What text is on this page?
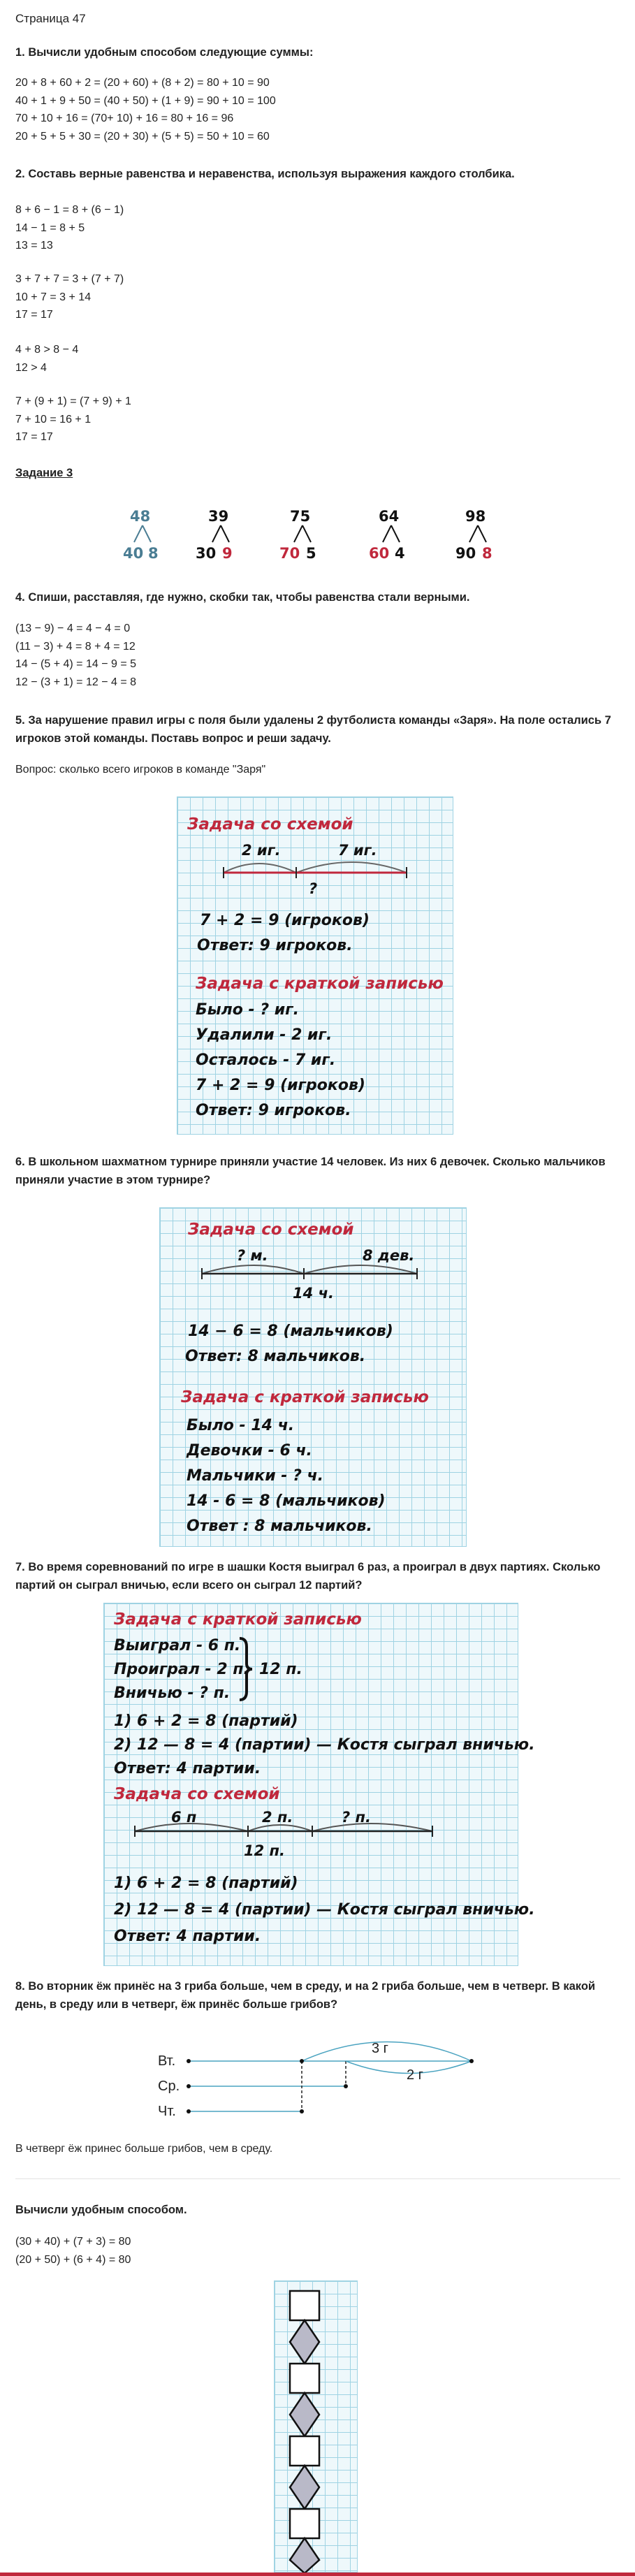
Страница 47
1. Вычисли удобным способом следующие суммы:
20 + 8 + 60 + 2 = (20 + 60) + (8 + 2) = 80 + 10 = 90
40 + 1 + 9 + 50 = (40 + 50) + (1 + 9) = 90 + 10 = 100
70 + 10 + 16 = (70+ 10) + 16 = 80 + 16 = 96
20 + 5 + 5 + 30 = (20 + 30) + (5 + 5) = 50 + 10 = 60
2. Составь верные равенства и неравенства, используя выражения каждого столбика.
8 + 6 − 1 = 8 + (6 − 1)
14 − 1 = 8 + 5
13 = 13
3 + 7 + 7 = 3 + (7 + 7)
10 + 7 = 3 + 14
17 = 17
4 + 8 > 8 − 4
12 > 4
7 + (9 + 1) = (7 + 9) + 1
7 + 10 = 16 + 1
17 = 17
Задание 3
48
40 8
39
30 9
75
70 5
64
60 4
98
90 8
4. Спиши, расставляя, где нужно, скобки так, чтобы равенства стали верными.
(13 − 9) − 4 = 4 − 4 = 0
(11 − 3) + 4 = 8 + 4 = 12
14 − (5 + 4) = 14 − 9 = 5
12 − (3 + 1) = 12 − 4 = 8
5. За нарушение правил игры с поля были удалены 2 футболиста команды «Заря». На поле остались 7 игроков этой команды. Поставь вопрос и реши задачу.
Вопрос: сколько всего игроков в команде "Заря"
Задача со схемой
2 иг.	7 иг.
?
7 + 2 = 9 (игроков)
Ответ: 9 игроков.
Задача с краткой записью
Было - ? иг.
Удалили - 2 иг.
Осталось - 7 иг.
7 + 2 = 9 (игроков)
Ответ: 9 игроков.
6. В школьном шахматном турнире приняли участие 14 человек. Из них 6 девочек. Сколько мальчиков приняли участие в этом турнире?
Задача со схемой
? м.	8 дев.
14 ч.
14 − 6 = 8 (мальчиков)
Ответ: 8 мальчиков.
Задача с краткой записью
Было - 14 ч.
Девочки - 6 ч.
Мальчики - ? ч.
14 - 6 = 8 (мальчиков)
Ответ : 8 мальчиков.
7. Во время соревнований по игре в шашки Костя выиграл 6 раз, а проиграл в двух партиях. Сколько партий он сыграл вничью, если всего он сыграл 12 партий?
Задача с краткой записью
Выиграл - 6 п.
Проиграл - 2 п.
Вничью - ? п.
12 п.
1) 6 + 2 = 8 (партий)
2) 12 — 8 = 4 (партии) — Костя сыграл вничью.
Ответ: 4 партии.
Задача со схемой
6 п	2 п.	? п.
12 п.
1) 6 + 2 = 8 (партий)
2) 12 — 8 = 4 (партии) — Костя сыграл вничью.
Ответ: 4 партии.
8. Во вторник ёж принёс на 3 гриба больше, чем в среду, и на 2 гриба больше, чем в четверг. В какой день, в среду или в четверг, ёж принёс больше грибов?
Вт.
Ср.
Чт.
3 г
2 г
В четверг ёж принес больше грибов, чем в среду.
Вычисли удобным способом.
(30 + 40) + (7 + 3) = 80
(20 + 50) + (6 + 4) = 80
